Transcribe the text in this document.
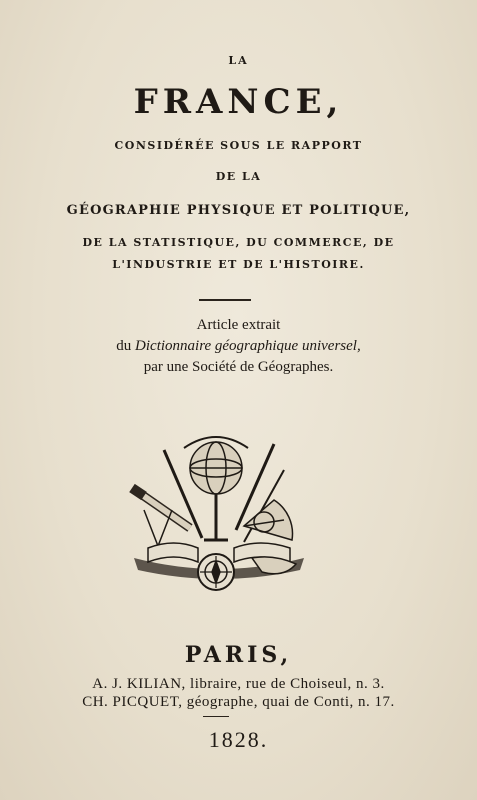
LA
FRANCE,
CONSIDÉRÉE SOUS LE RAPPORT
DE LA
GÉOGRAPHIE PHYSIQUE ET POLITIQUE,
DE LA STATISTIQUE, DU COMMERCE, DE
L'INDUSTRIE ET DE L'HISTOIRE.
Article extrait
du Dictionnaire géographique universel,
par une Société de Géographes.
PARIS,
A. J. KILIAN, libraire, rue de Choiseul, n. 3.
CH. PICQUET, géographe, quai de Conti, n. 17.
1828.
